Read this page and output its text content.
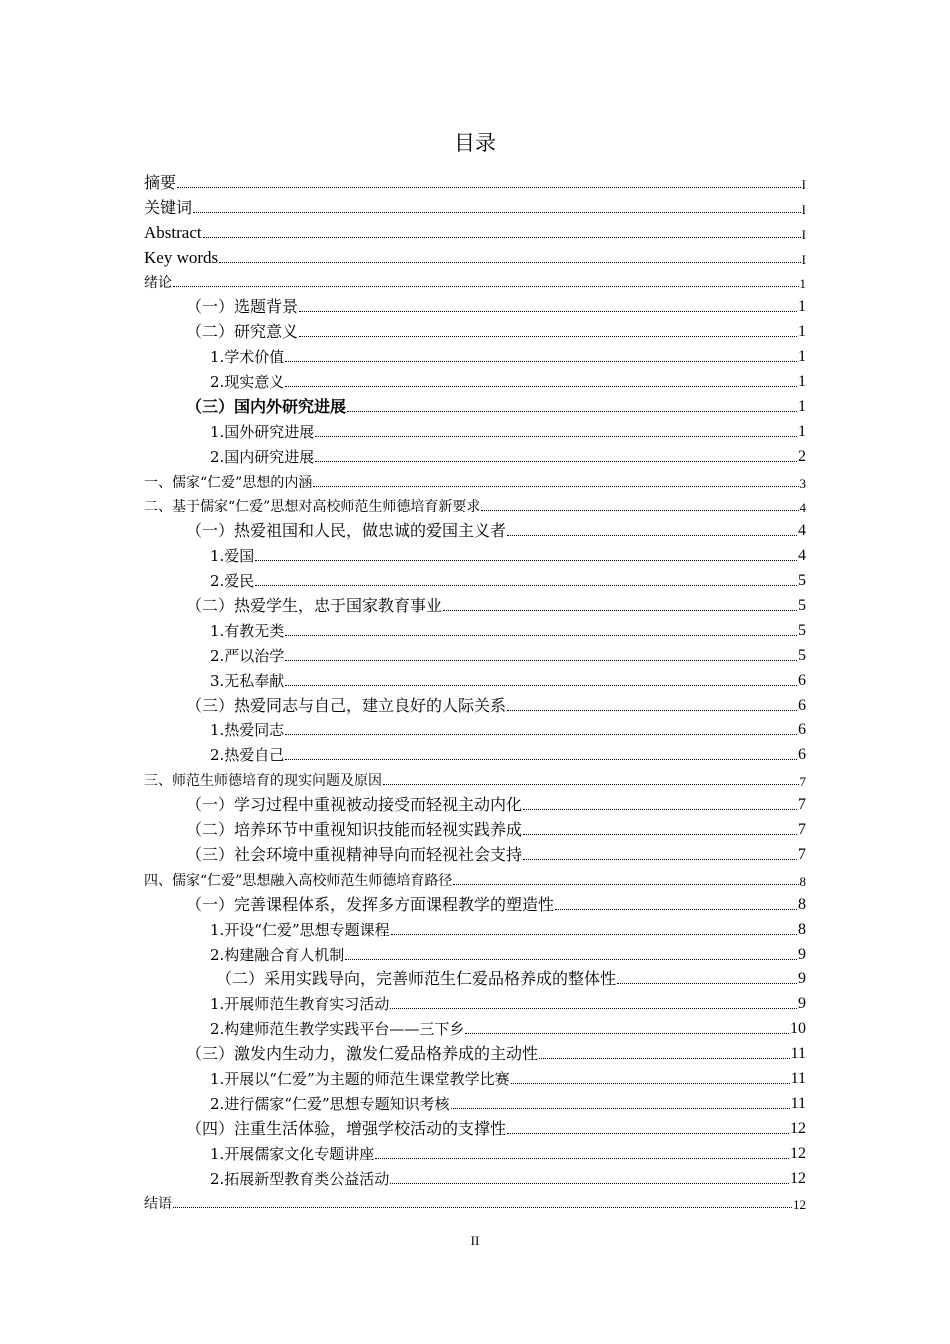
目录
摘要	I
关键词	I
Abstract	I
Key words	I
绪论	1
（一）选题背景	1
（二）研究意义	1
1.学术价值	1
2.现实意义	1
（三）国内外研究进展	1
1.国外研究进展	1
2.国内研究进展	2
一、儒家“仁爱”思想的内涵	3
二、基于儒家“仁爱”思想对高校师范生师德培育新要求	4
（一）热爱祖国和人民，做忠诚的爱国主义者	4
1.爱国	4
2.爱民	5
（二）热爱学生，忠于国家教育事业	5
1.有教无类	5
2.严以治学	5
3.无私奉献	6
（三）热爱同志与自己，建立良好的人际关系	6
1.热爱同志	6
2.热爱自己	6
三、师范生师德培育的现实问题及原因	7
（一）学习过程中重视被动接受而轻视主动内化	7
（二）培养环节中重视知识技能而轻视实践养成	7
（三）社会环境中重视精神导向而轻视社会支持	7
四、儒家“仁爱”思想融入高校师范生师德培育路径	8
（一）完善课程体系，发挥多方面课程教学的塑造性	8
1.开设“仁爱”思想专题课程	8
2.构建融合育人机制	9
（二）采用实践导向，完善师范生仁爱品格养成的整体性	9
1.开展师范生教育实习活动	9
2.构建师范生教学实践平台——三下乡	10
（三）激发内生动力，激发仁爱品格养成的主动性	11
1.开展以“仁爱”为主题的师范生课堂教学比赛	11
2.进行儒家“仁爱”思想专题知识考核	11
（四）注重生活体验，增强学校活动的支撑性	12
1.开展儒家文化专题讲座	12
2.拓展新型教育类公益活动	12
结语	12
II
